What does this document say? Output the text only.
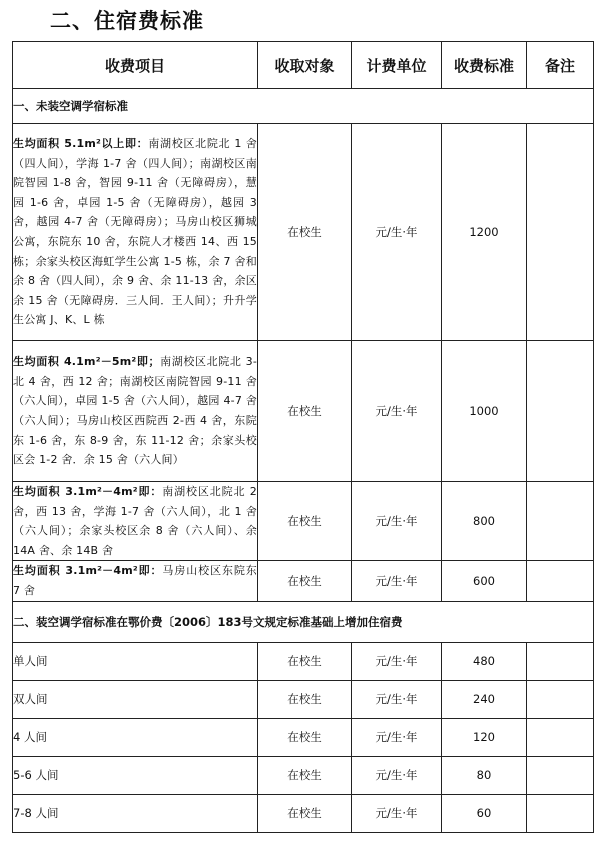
二、住宿费标准
收费项目	收取对象	计费单位	收费标准	备注
一、未装空调学宿标准				
生均面积 5.1m²以上即：南湖校区北院北 1 舍（四人间），学海 1-7 舍（四人间）；南湖校区南院智园 1-8 舍，智园 9-11 舍（无障碍房），慧园 1-6 舍，卓园 1-5 舍（无障碍房），越园 3 舍，越园 4-7 舍（无障碍房）；马房山校区狮城公寓，东院东 10 舍，东院人才楼西 14、西 15 栋；余家头校区海虹学生公寓 1-5 栋，余 7 舍和余 8 舍（四人间），余 9 舍、余 11-13 舍，余区余 15 舍（无障碍房．三人间．王人间）；升升学生公寓 J、K、L 栋	在校生	元/生·年	1200	
生均面积 4.1m²－5m²即；南湖校区北院北 3-北 4 舍，西 12 舍；南湖校区南院智园 9-11 舍（六人间），卓园 1-5 舍（六人间），越园 4-7 舍（六人间）；马房山校区西院西 2-西 4 舍，东院东 1-6 舍，东 8-9 舍，东 11-12 舍；余家头校区会 1-2 舍．余 15 舍（六人间）	在校生	元/生·年	1000	
生均面积 3.1m²－4m²即：南湖校区北院北 2 舍，西 13 舍，学海 1-7 舍（六人间），北 1 舍（六人间）；余家头校区余 8 舍（六人间）、余 14A 舍、余 14B 舍	在校生	元/生·年	800	
生均面积 3.1m²－4m²即：马房山校区东院东 7 舍	在校生	元/生·年	600	
二、装空调学宿标准在鄂价费〔2006〕183号文规定标准基础上增加住宿费				
单人间	在校生	元/生·年	480	
双人间	在校生	元/生·年	240	
4 人间	在校生	元/生·年	120	
5-6 人间	在校生	元/生·年	80	
7-8 人间	在校生	元/生·年	60	
